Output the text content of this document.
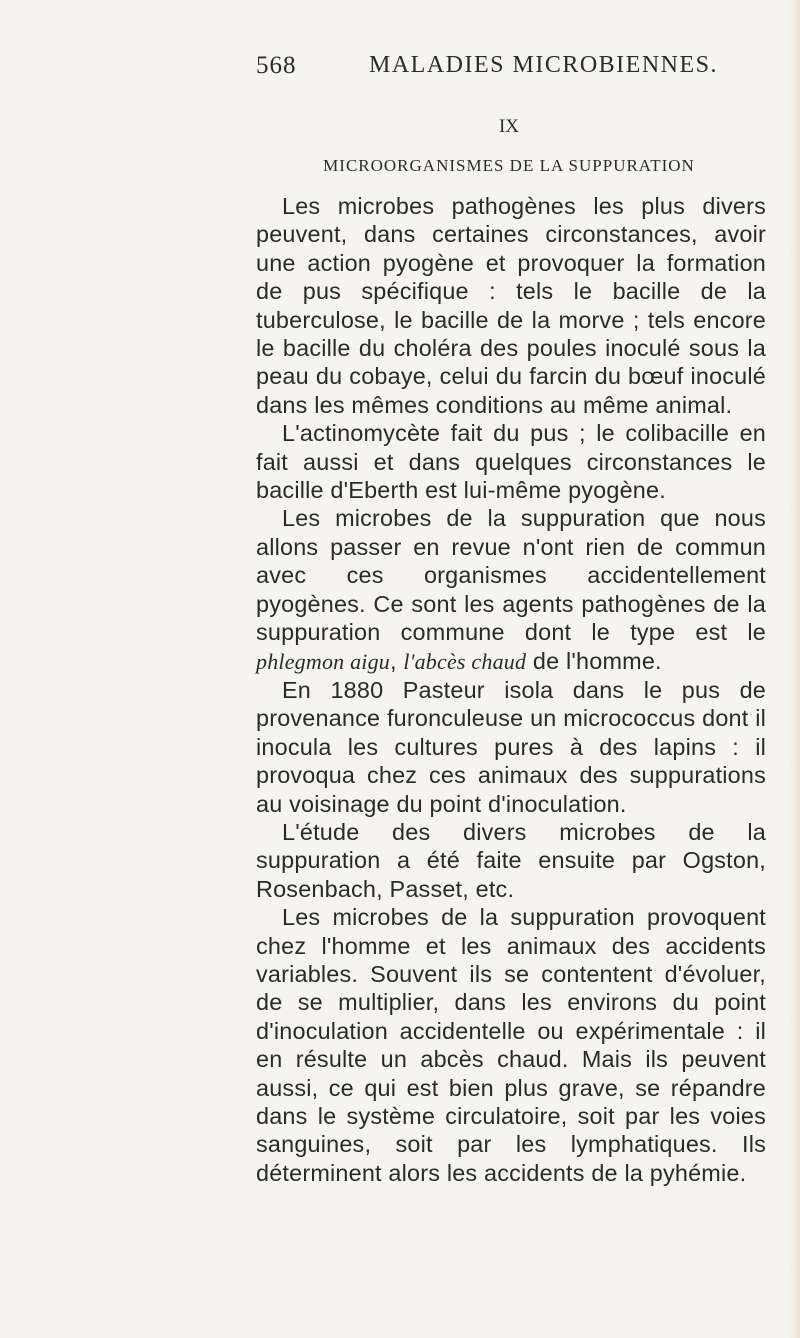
568	MALADIES MICROBIENNES.
IX
MICROORGANISMES DE LA SUPPURATION

Les microbes pathogènes les plus divers peuvent, dans certaines circonstances, avoir une action pyogène et provoquer la formation de pus spécifique : tels le bacille de la tuberculose, le bacille de la morve ; tels encore le bacille du choléra des poules inoculé sous la peau du cobaye, celui du farcin du bœuf inoculé dans les mêmes conditions au même animal.

L'actinomycète fait du pus ; le colibacille en fait aussi et dans quelques circonstances le bacille d'Eberth est lui-même pyogène.

Les microbes de la suppuration que nous allons passer en revue n'ont rien de commun avec ces organismes accidentellement pyogènes. Ce sont les agents pathogènes de la suppuration commune dont le type est le phlegmon aigu, l'abcès chaud de l'homme.

En 1880 Pasteur isola dans le pus de provenance furonculeuse un micrococcus dont il inocula les cultures pures à des lapins : il provoqua chez ces animaux des suppurations au voisinage du point d'inoculation.

L'étude des divers microbes de la suppuration a été faite ensuite par Ogston, Rosenbach, Passet, etc.

Les microbes de la suppuration provoquent chez l'homme et les animaux des accidents variables. Souvent ils se contentent d'évoluer, de se multiplier, dans les environs du point d'inoculation accidentelle ou expérimentale : il en résulte un abcès chaud. Mais ils peuvent aussi, ce qui est bien plus grave, se répandre dans le système circulatoire, soit par les voies sanguines, soit par les lymphatiques. Ils déterminent alors les accidents de la pyhémie.
